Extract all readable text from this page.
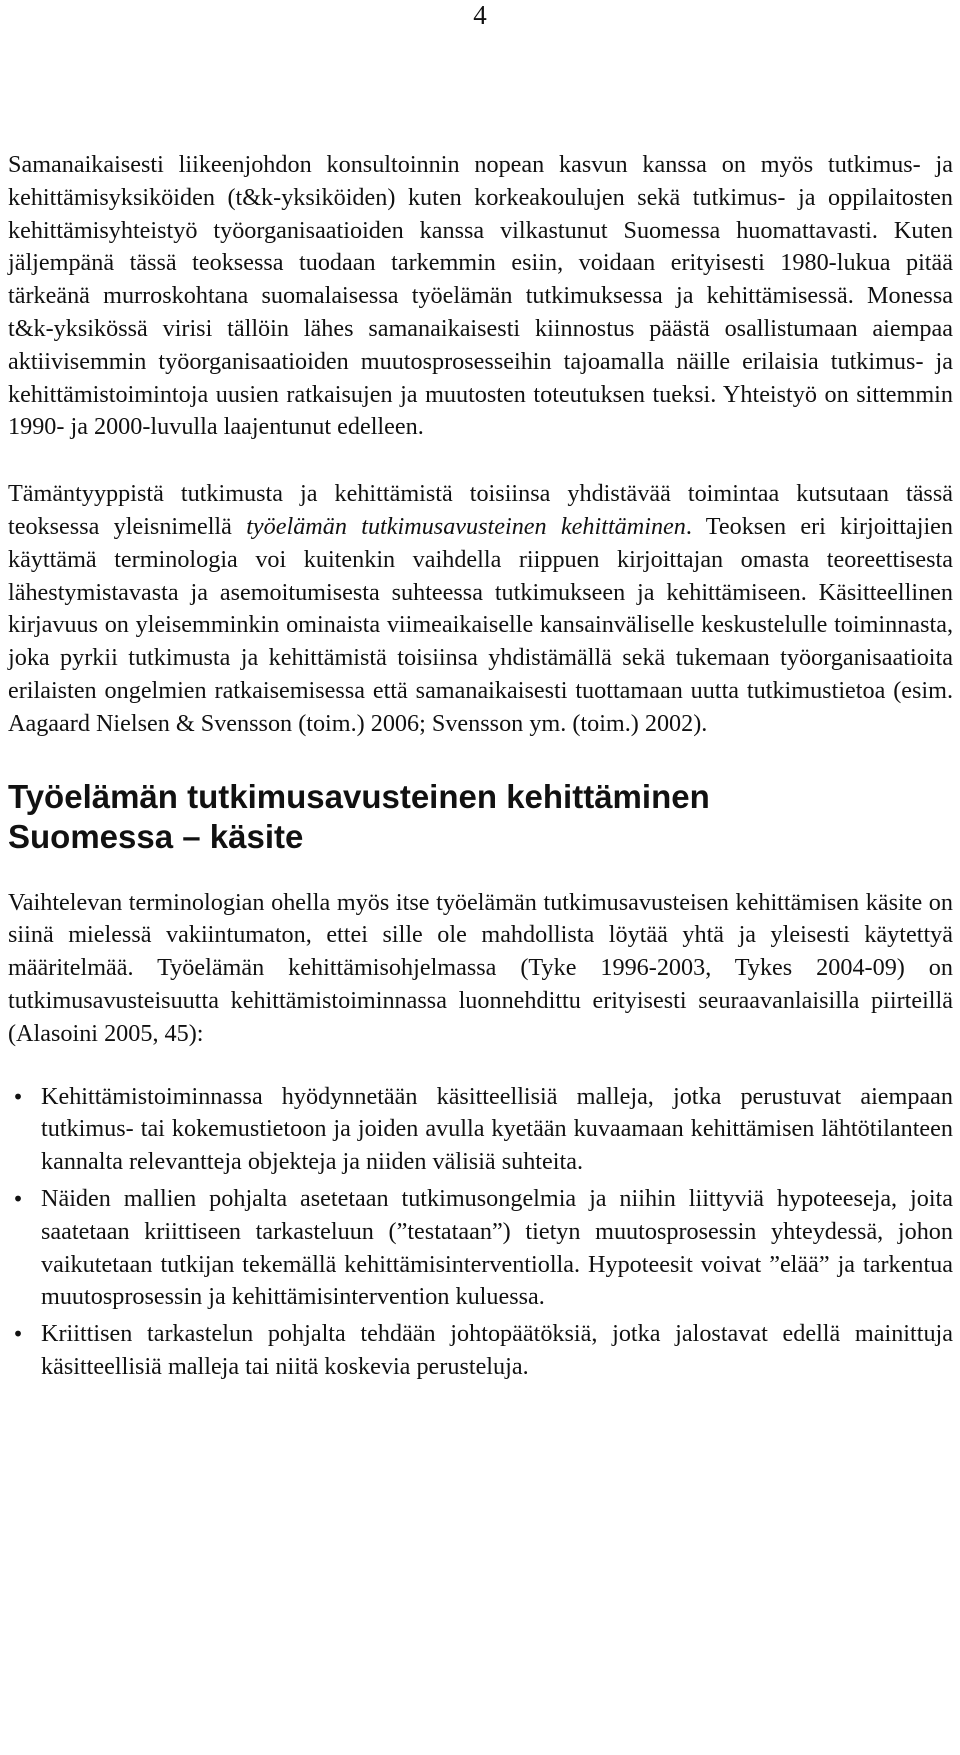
4

Samanaikaisesti liikeenjohdon konsultoinnin nopean kasvun kanssa on myös tutkimus- ja kehittämisyksiköiden (t&k-yksiköiden) kuten korkeakoulujen sekä tutkimus- ja oppilaitosten kehittämisyhteistyö työorganisaatioiden kanssa vilkastunut Suomessa huomattavasti. Kuten jäljempänä tässä teoksessa tuodaan tarkemmin esiin, voidaan erityisesti 1980-lukua pitää tärkeänä murroskohtana suomalaisessa työelämän tutkimuksessa ja kehittämisessä. Monessa t&k-yksikössä virisi tällöin lähes samanaikaisesti kiinnostus päästä osallistumaan aiempaa aktiivisemmin työorganisaatioiden muutosprosesseihin tajoamalla näille erilaisia tutkimus- ja kehittämistoimintoja uusien ratkaisujen ja muutosten toteutuksen tueksi. Yhteistyö on sittemmin 1990- ja 2000-luvulla laajentunut edelleen.

Tämäntyyppistä tutkimusta ja kehittämistä toisiinsa yhdistävää toimintaa kutsutaan tässä teoksessa yleisnimellä työelämän tutkimusavusteinen kehittäminen. Teoksen eri kirjoittajien käyttämä terminologia voi kuitenkin vaihdella riippuen kirjoittajan omasta teoreettisesta lähestymistavasta ja asemoitumisesta suhteessa tutkimukseen ja kehittämiseen. Käsitteellinen kirjavuus on yleisemminkin ominaista viimeaikaiselle kansainväliselle keskustelulle toiminnasta, joka pyrkii tutkimusta ja kehittämistä toisiinsa yhdistämällä sekä tukemaan työorganisaatioita erilaisten ongelmien ratkaisemisessa että samanaikaisesti tuottamaan uutta tutkimustietoa (esim. Aagaard Nielsen & Svensson (toim.) 2006; Svensson ym. (toim.) 2002).

Työelämän tutkimusavusteinen kehittäminen
Suomessa – käsite

Vaihtelevan terminologian ohella myös itse työelämän tutkimusavusteisen kehittämisen käsite on siinä mielessä vakiintumaton, ettei sille ole mahdollista löytää yhtä ja yleisesti käytettyä määritelmää. Työelämän kehittämisohjelmassa (Tyke 1996-2003, Tykes 2004-09) on tutkimusavusteisuutta kehittämistoiminnassa luonnehdittu erityisesti seuraavanlaisilla piirteillä (Alasoini 2005, 45):

• Kehittämistoiminnassa hyödynnetään käsitteellisiä malleja, jotka perustuvat aiempaan tutkimus- tai kokemustietoon ja joiden avulla kyetään kuvaamaan kehittämisen lähtötilanteen kannalta relevantteja objekteja ja niiden välisiä suhteita.
• Näiden mallien pohjalta asetetaan tutkimusongelmia ja niihin liittyviä hypoteeseja, joita saatetaan kriittiseen tarkasteluun (”testataan”) tietyn muutosprosessin yhteydessä, johon vaikutetaan tutkijan tekemällä kehittämisinterventiolla. Hypoteesit voivat ”elää” ja tarkentua muutosprosessin ja kehittämisintervention kuluessa.
• Kriittisen tarkastelun pohjalta tehdään johtopäätöksiä, jotka jalostavat edellä mainittuja käsitteellisiä malleja tai niitä koskevia perusteluja.
